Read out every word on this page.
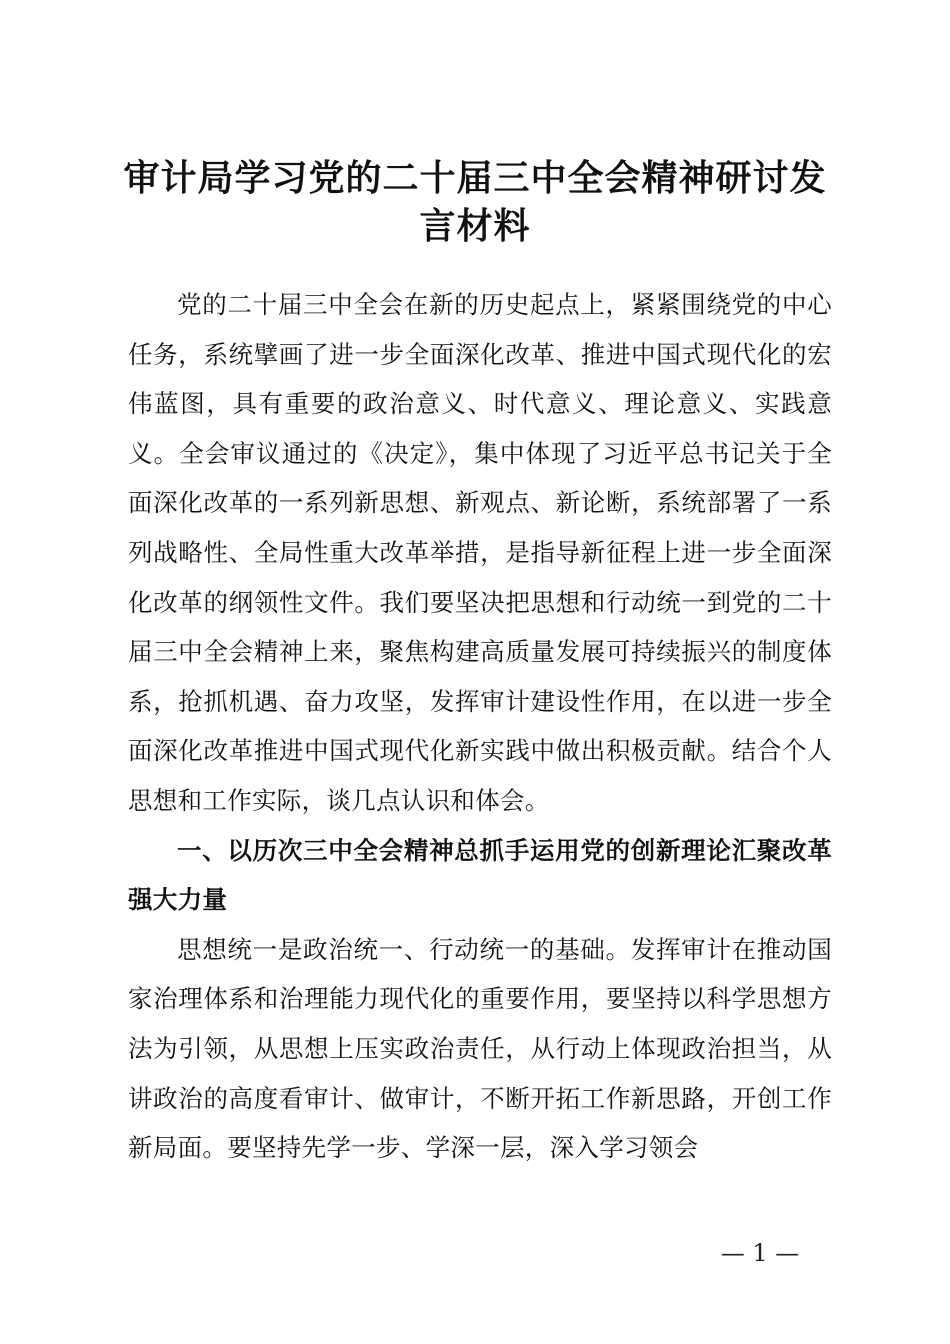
审计局学习党的二十届三中全会精神研讨发言材料

党的二十届三中全会在新的历史起点上，紧紧围绕党的中心任务，系统擘画了进一步全面深化改革、推进中国式现代化的宏伟蓝图，具有重要的政治意义、时代意义、理论意义、实践意义。全会审议通过的《决定》，集中体现了习近平总书记关于全面深化改革的一系列新思想、新观点、新论断，系统部署了一系列战略性、全局性重大改革举措，是指导新征程上进一步全面深化改革的纲领性文件。我们要坚决把思想和行动统一到党的二十届三中全会精神上来，聚焦构建高质量发展可持续振兴的制度体系，抢抓机遇、奋力攻坚，发挥审计建设性作用，在以进一步全面深化改革推进中国式现代化新实践中做出积极贡献。结合个人思想和工作实际，谈几点认识和体会。

一、以历次三中全会精神总抓手运用党的创新理论汇聚改革强大力量

思想统一是政治统一、行动统一的基础。发挥审计在推动国家治理体系和治理能力现代化的重要作用，要坚持以科学思想方法为引领，从思想上压实政治责任，从行动上体现政治担当，从讲政治的高度看审计、做审计，不断开拓工作新思路，开创工作新局面。要坚持先学一步、学深一层，深入学习领会

— 1 —
